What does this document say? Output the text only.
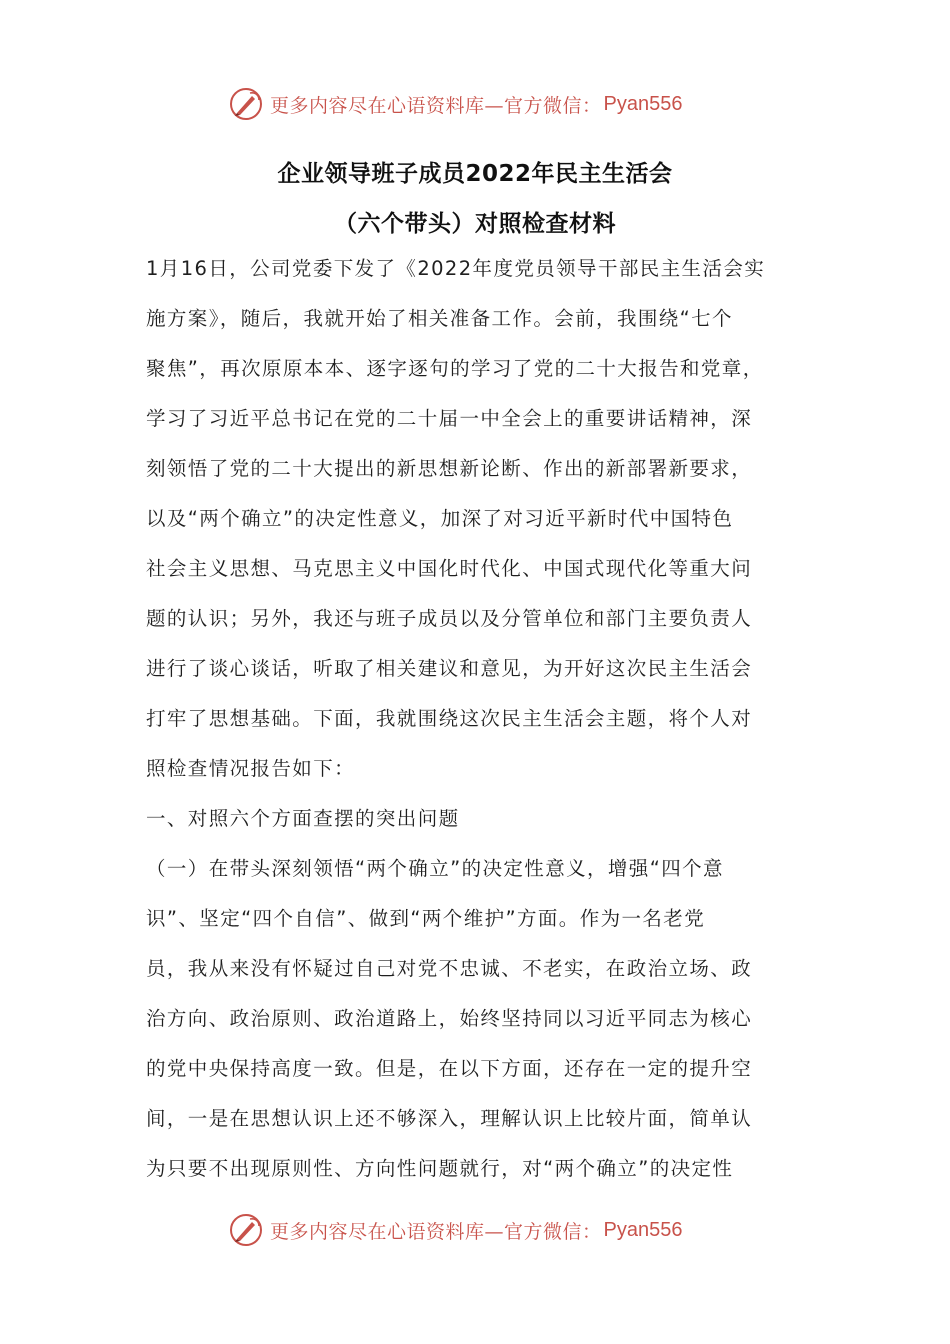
更多内容尽在心语资料库—官方微信： Pyan556
企业领导班子成员2022年民主生活会
（六个带头）对照检查材料
1月16日，公司党委下发了《2022年度党员领导干部民主生活会实
施方案》，随后，我就开始了相关准备工作。会前，我围绕“七个
聚焦”，再次原原本本、逐字逐句的学习了党的二十大报告和党章，
学习了习近平总书记在党的二十届一中全会上的重要讲话精神，深
刻领悟了党的二十大提出的新思想新论断、作出的新部署新要求，
以及“两个确立”的决定性意义，加深了对习近平新时代中国特色
社会主义思想、马克思主义中国化时代化、中国式现代化等重大问
题的认识；另外，我还与班子成员以及分管单位和部门主要负责人
进行了谈心谈话，听取了相关建议和意见，为开好这次民主生活会
打牢了思想基础。下面，我就围绕这次民主生活会主题，将个人对
照检查情况报告如下：
一、对照六个方面查摆的突出问题
（一）在带头深刻领悟“两个确立”的决定性意义，增强“四个意
识”、坚定“四个自信”、做到“两个维护”方面。作为一名老党
员，我从来没有怀疑过自己对党不忠诚、不老实，在政治立场、政
治方向、政治原则、政治道路上，始终坚持同以习近平同志为核心
的党中央保持高度一致。但是，在以下方面，还存在一定的提升空
间，一是在思想认识上还不够深入，理解认识上比较片面，简单认
为只要不出现原则性、方向性问题就行，对“两个确立”的决定性
更多内容尽在心语资料库—官方微信： Pyan556
